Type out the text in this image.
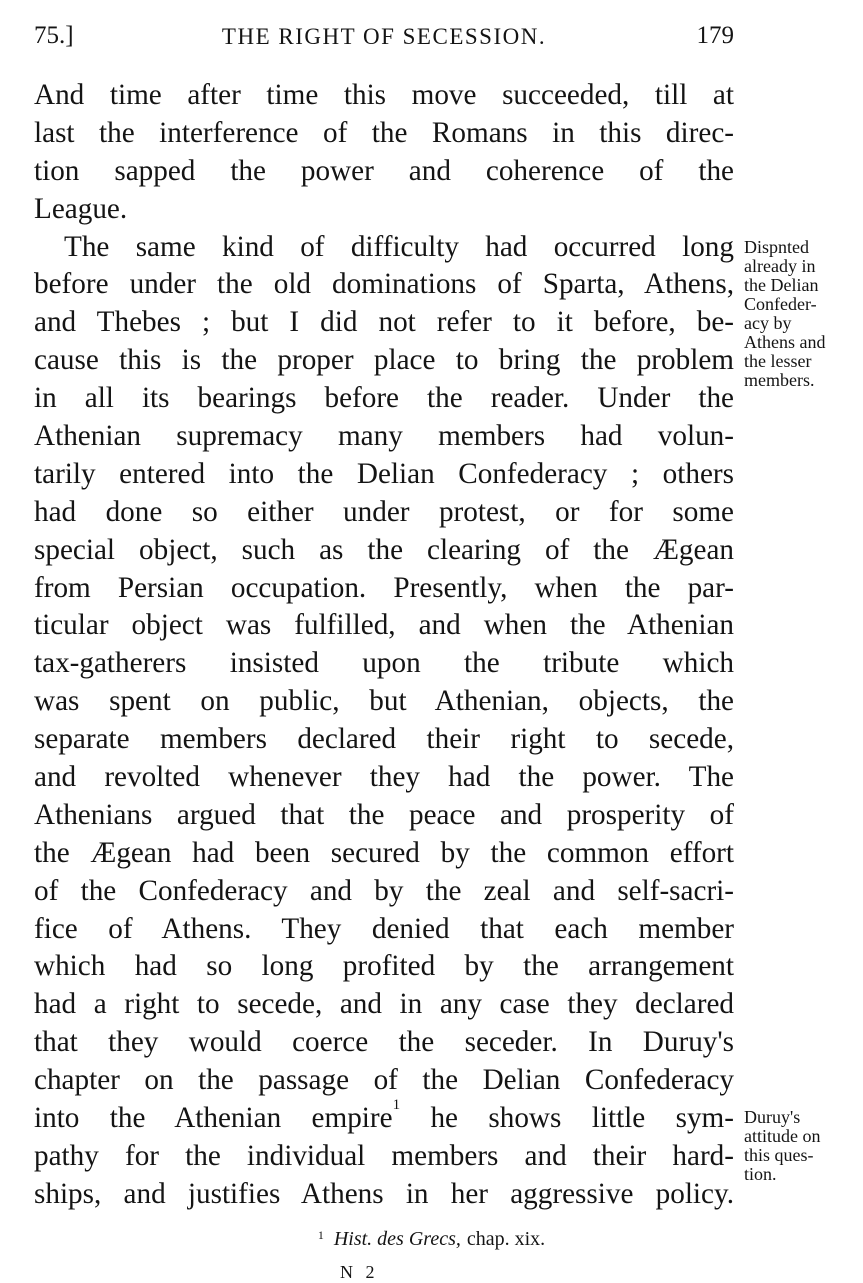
75.]	THE RIGHT OF SECESSION.	179
And time after time this move succeeded, till at
last the interference of the Romans in this direc-
tion sapped the power and coherence of the
League.
The same kind of difficulty had occurred long
before under the old dominations of Sparta, Athens,
and Thebes ; but I did not refer to it before, be-
cause this is the proper place to bring the problem
in all its bearings before the reader. Under the
Athenian supremacy many members had volun-
tarily entered into the Delian Confederacy ; others
had done so either under protest, or for some
special object, such as the clearing of the Ægean
from Persian occupation. Presently, when the par-
ticular object was fulfilled, and when the Athenian
tax-gatherers insisted upon the tribute which
was spent on public, but Athenian, objects, the
separate members declared their right to secede,
and revolted whenever they had the power. The
Athenians argued that the peace and prosperity of
the Ægean had been secured by the common effort
of the Confederacy and by the zeal and self-sacri-
fice of Athens. They denied that each member
which had so long profited by the arrangement
had a right to secede, and in any case they declared
that they would coerce the seceder. In Duruy's
chapter on the passage of the Delian Confederacy
into the Athenian empire$^1$ he shows little sym-
pathy for the individual members and their hard-
ships, and justifies Athens in her aggressive policy.
Dispnted
already in
the Delian
Confeder-
acy by
Athens and
the lesser
members.
Duruy's
attitude on
this ques-
tion.
$^1$ Hist. des Grecs, chap. xix.
N 2
